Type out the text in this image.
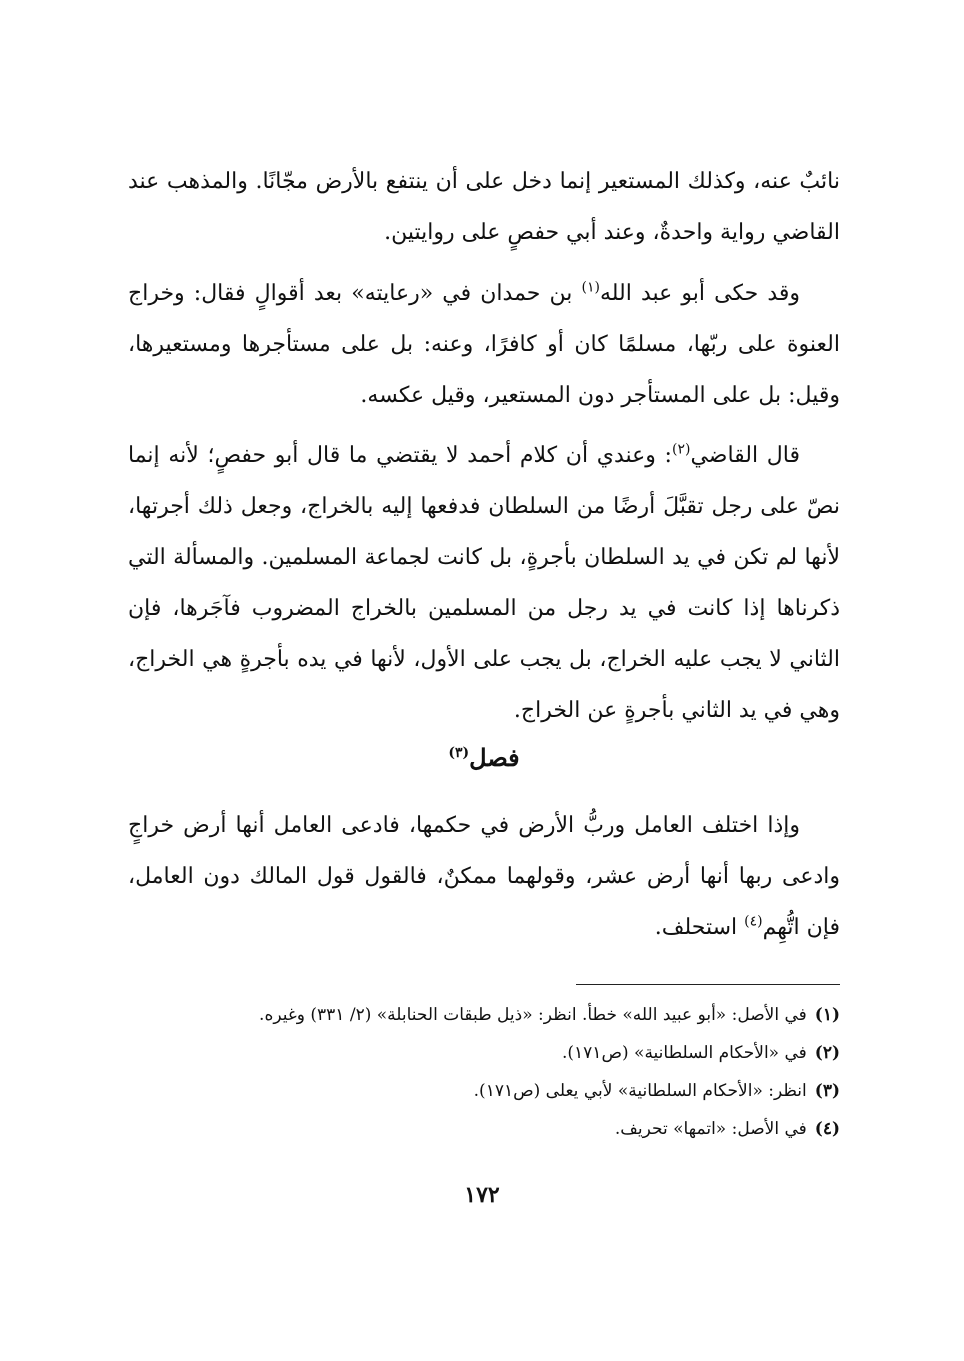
نائبٌ عنه، وكذلك المستعير إنما دخل على أن ينتفع بالأرض مجّانًا. والمذهب عند القاضي رواية واحدةٌ، وعند أبي حفصٍ على روايتين.

وقد حكى أبو عبد الله$^{(١)}$ بن حمدان في «رعايته» بعد أقوالٍ فقال: وخراج العنوة على ربّها، مسلمًا كان أو كافرًا، وعنه: بل على مستأجرها ومستعيرها، وقيل: بل على المستأجر دون المستعير، وقيل عكسه.

قال القاضي$^{(٢)}$: وعندي أن كلام أحمد لا يقتضي ما قال أبو حفصٍ؛ لأنه إنما نصّ على رجل تقبَّلَ أرضًا من السلطان فدفعها إليه بالخراج، وجعل ذلك أجرتها، لأنها لم تكن في يد السلطان بأجرةٍ، بل كانت لجماعة المسلمين. والمسألة التي ذكرناها إذا كانت في يد رجل من المسلمين بالخراج المضروب فآجَرها، فإن الثاني لا يجب عليه الخراج، بل يجب على الأول، لأنها في يده بأجرةٍ هي الخراج، وهي في يد الثاني بأجرةٍ عن الخراج.

فصل$^{(٣)}$

وإذا اختلف العامل وربُّ الأرض في حكمها، فادعى العامل أنها أرض خراجٍ وادعى ربها أنها أرض عشر، وقولهما ممكنٌ، فالقول قول المالك دون العامل، فإن اتُّهِم$^{(٤)}$ استحلف.

(١)في الأصل: «أبو عبيد الله» خطأ. انظر: «ذيل طبقات الحنابلة» (٢/ ٣٣١) وغيره.
(٢)في «الأحكام السلطانية» (ص١٧١).
(٣)انظر: «الأحكام السلطانية» لأبي يعلى (ص١٧١).
(٤)في الأصل: «اتمها» تحريف.
١٧٢
